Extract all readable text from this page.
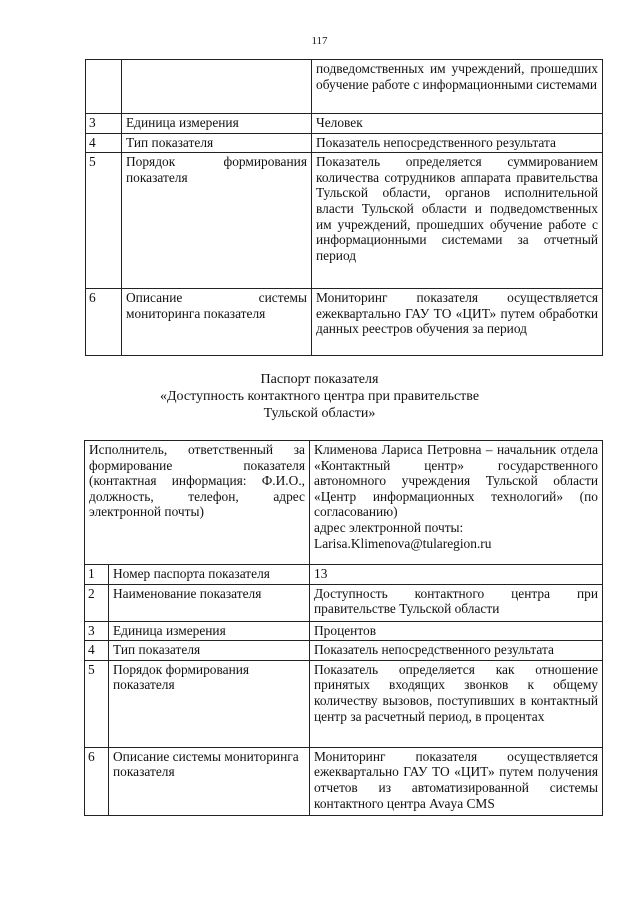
117
		подведомственных им учреждений, прошедших обучение работе с информационными системами
3	Единица измерения	Человек
4	Тип показателя	Показатель непосредственного результата
5	Порядок формирования показателя	Показатель определяется суммированием количества сотрудников аппарата правительства Тульской области, органов исполнительной власти Тульской области и подведомственных им учреждений, прошедших обучение работе с информационными системами за отчетный период
6	Описание системы мониторинга показателя	Мониторинг показателя осуществляется ежеквартально ГАУ ТО «ЦИТ» путем обработки данных реестров обучения за период
Паспорт показателя
«Доступность контактного центра при правительстве
Тульской области»
Исполнитель, ответственный за формирование показателя (контактная информация: Ф.И.О., должность, телефон, адрес электронной почты)		Клименова Лариса Петровна – начальник отдела «Контактный центр» государственного автономного учреждения Тульской области «Центр информационных технологий» (по согласованию)
адрес электронной почты:
Larisa.Klimenova@tularegion.ru

1	Номер паспорта показателя	13
2	Наименование показателя	Доступность контактного центра при правительстве Тульской области
3	Единица измерения	Процентов
4	Тип показателя	Показатель непосредственного результата
5	Порядок формирования показателя	Показатель определяется как отношение принятых входящих звонков к общему количеству вызовов, поступивших в контактный центр за расчетный период, в процентах
6	Описание системы мониторинга показателя	Мониторинг показателя осуществляется ежеквартально ГАУ ТО «ЦИТ» путем получения отчетов из автоматизированной системы контактного центра Avaya CMS
